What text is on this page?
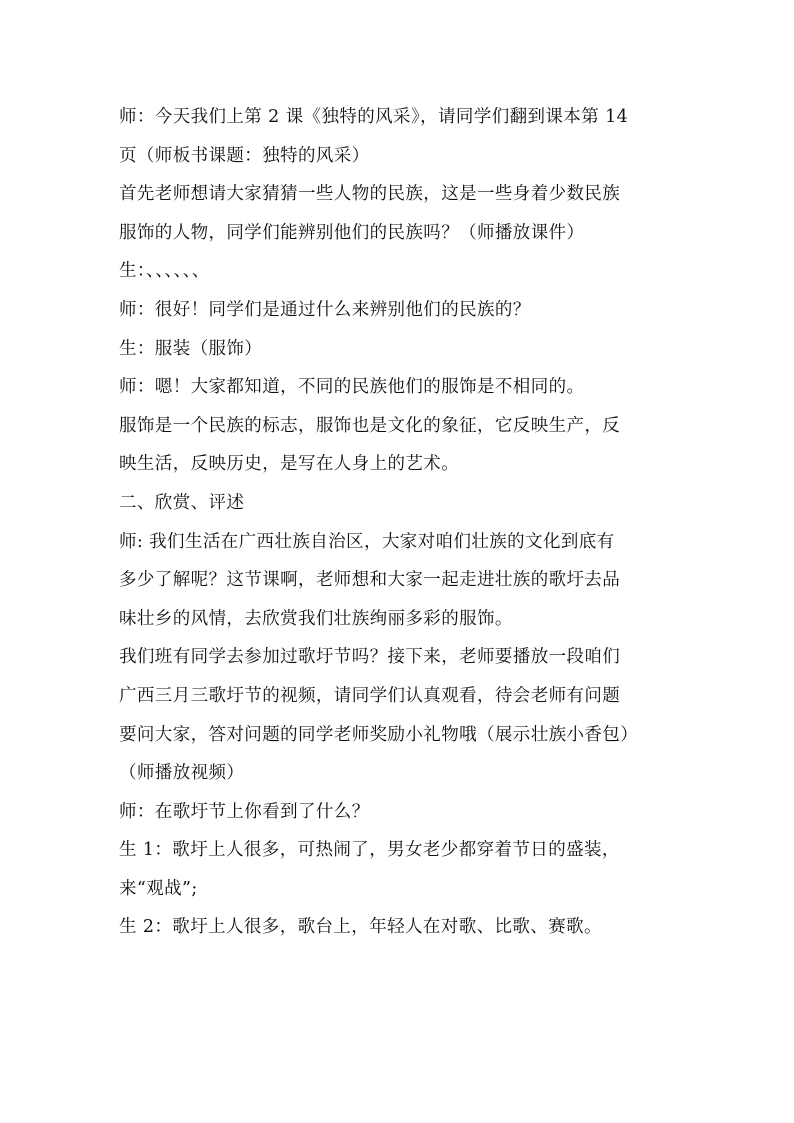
师：今天我们上第 2 课《独特的风采》，请同学们翻到课本第 14

页（师板书课题：独特的风采）

首先老师想请大家猜猜一些人物的民族，这是一些身着少数民族

服饰的人物，同学们能辨别他们的民族吗？（师播放课件）

生：、、、、、、

师：很好！同学们是通过什么来辨别他们的民族的？

生：服装（服饰）

师：嗯！大家都知道，不同的民族他们的服饰是不相同的。

服饰是一个民族的标志，服饰也是文化的象征，它反映生产，反

映生活，反映历史，是写在人身上的艺术。

二、欣赏、评述

师: 我们生活在广西壮族自治区，大家对咱们壮族的文化到底有

多少了解呢？这节课啊，老师想和大家一起走进壮族的歌圩去品

味壮乡的风情，去欣赏我们壮族绚丽多彩的服饰。

我们班有同学去参加过歌圩节吗？接下来，老师要播放一段咱们

广西三月三歌圩节的视频，请同学们认真观看，待会老师有问题

要问大家，答对问题的同学老师奖励小礼物哦（展示壮族小香包）

（师播放视频）

师：在歌圩节上你看到了什么？

生 1：歌圩上人很多，可热闹了，男女老少都穿着节日的盛装，

来“观战”;

生 2：歌圩上人很多，歌台上，年轻人在对歌、比歌、赛歌。
